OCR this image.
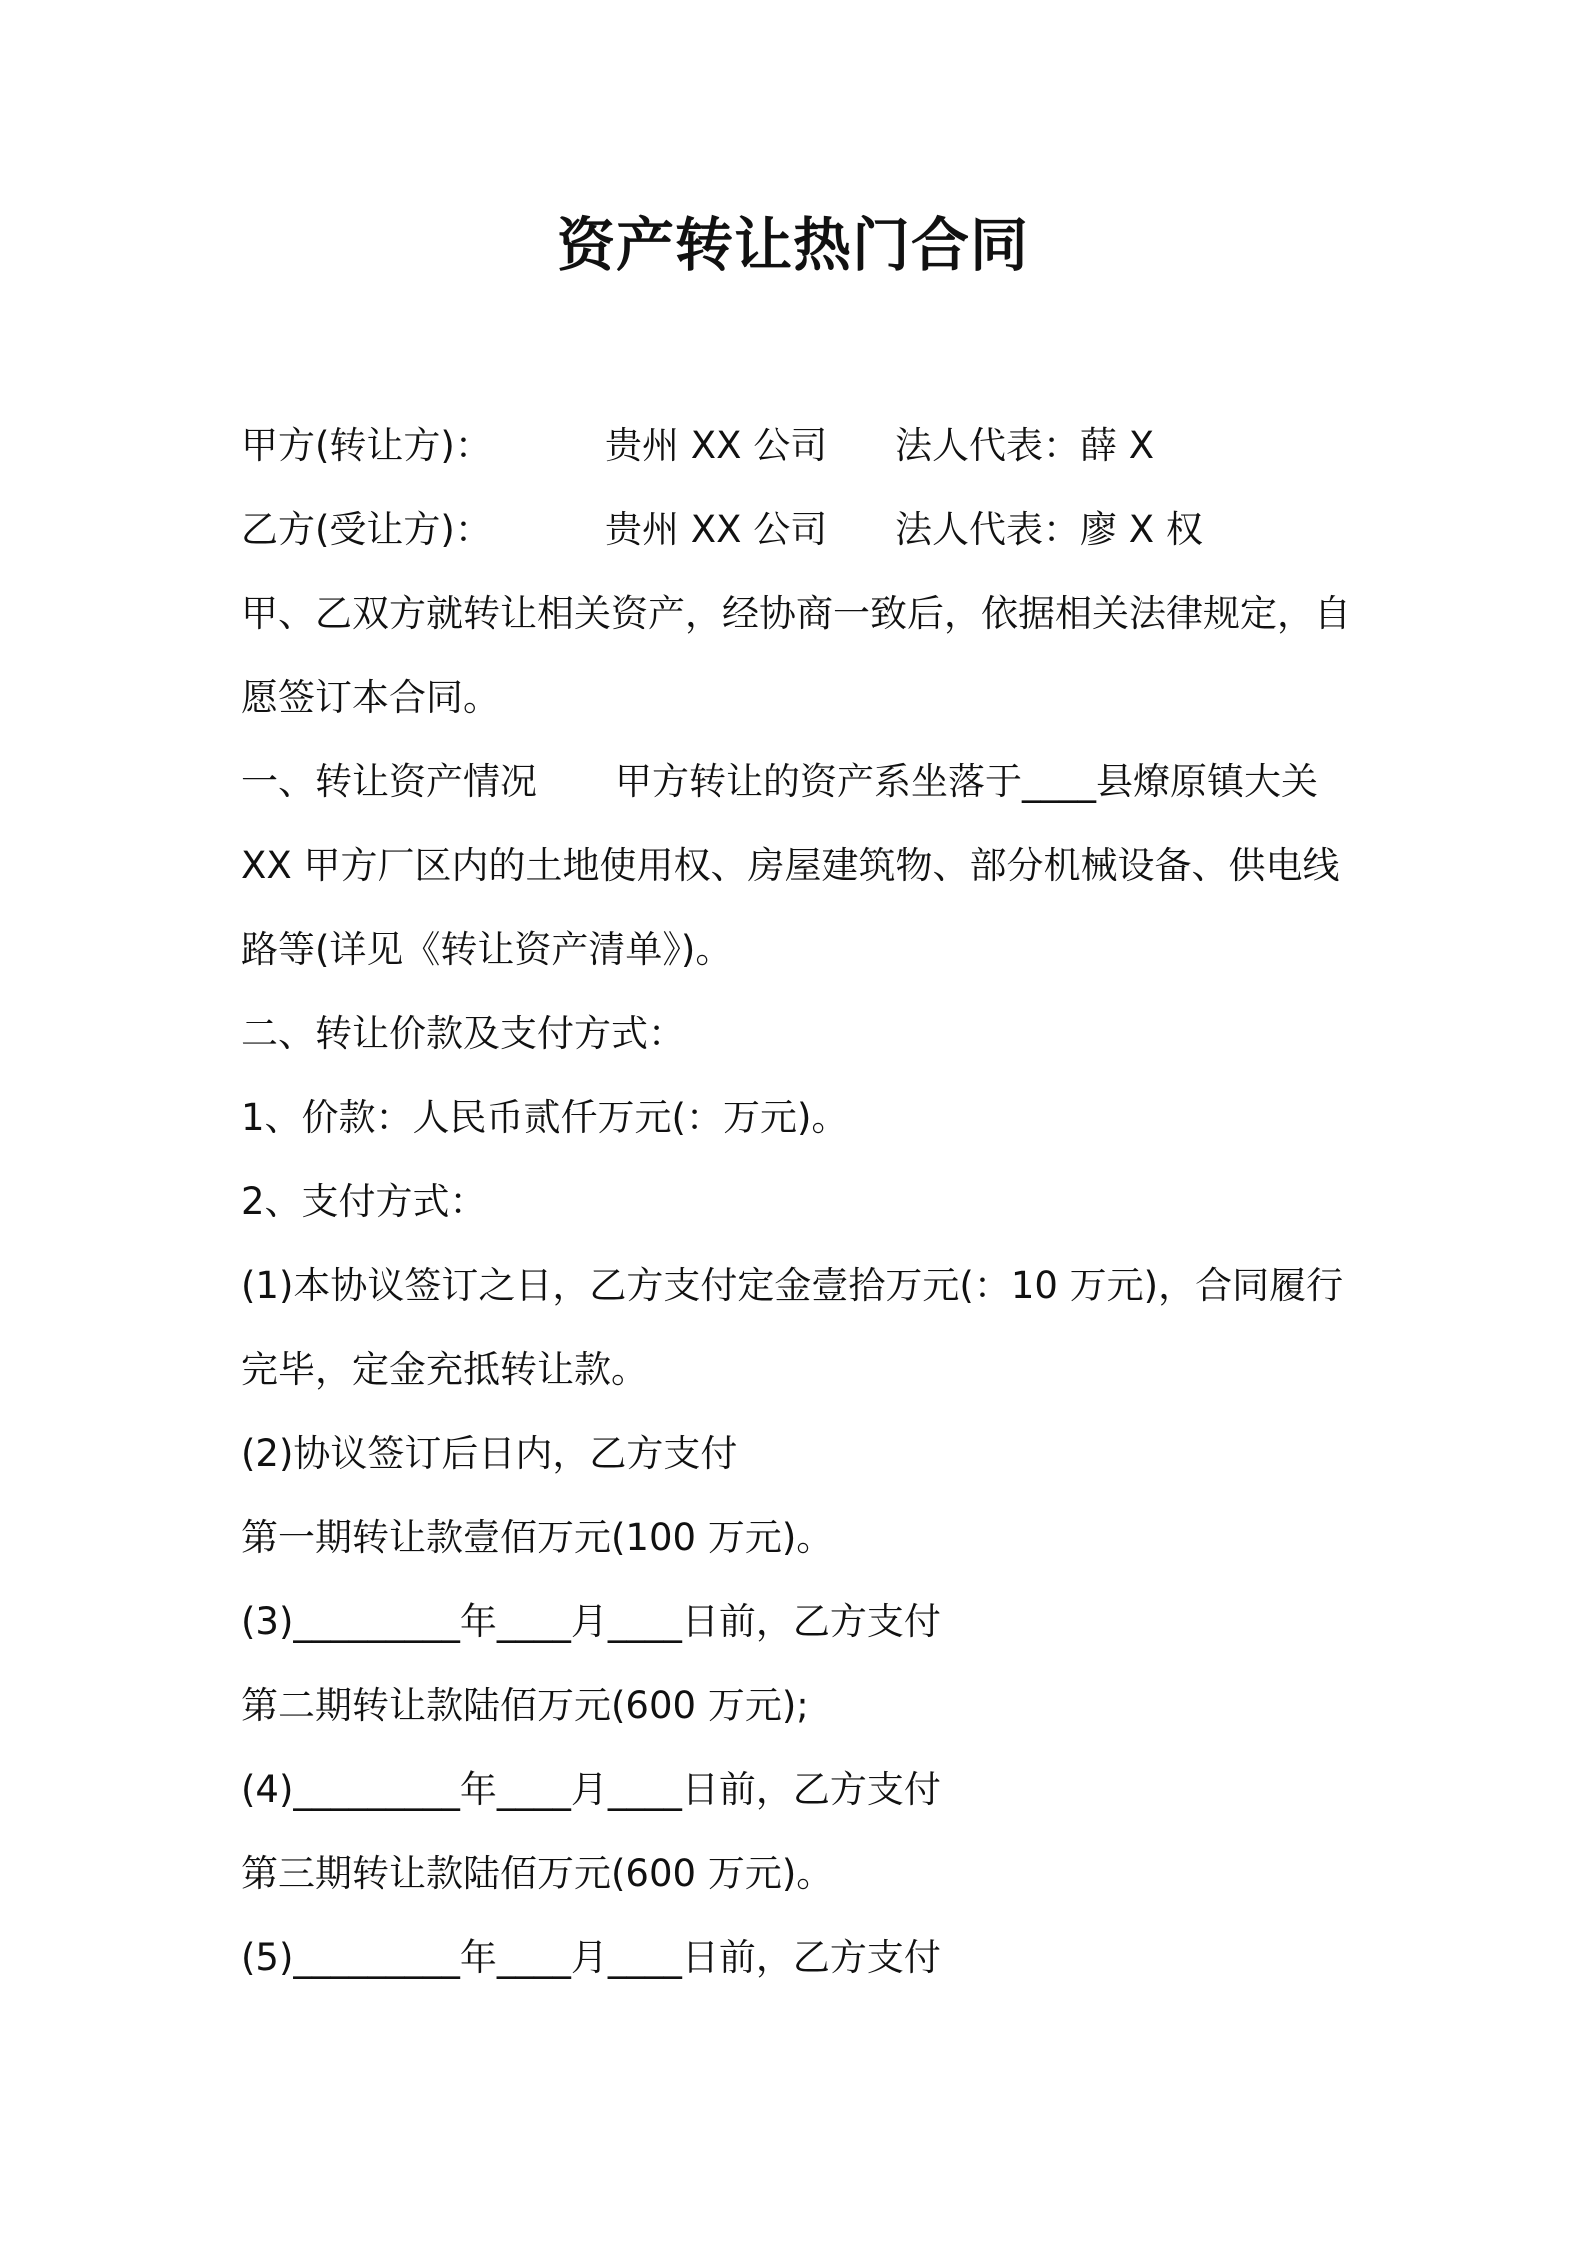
资产转让热门合同
甲方(转让方)：	贵州 XX 公司 法人代表：薛 X
乙方(受让方)：	贵州 XX 公司 法人代表：廖 X 权
甲、乙双方就转让相关资产，经协商一致后，依据相关法律规定，自
愿签订本合同。
一、转让资产情况 甲方转让的资产系坐落于____县燎原镇大关
XX 甲方厂区内的土地使用权、房屋建筑物、部分机械设备、供电线
路等(详见《转让资产清单》)。
二、转让价款及支付方式：
1、价款：人民币贰仟万元(：万元)。
2、支付方式：
(1)本协议签订之日，乙方支付定金壹拾万元(：10 万元)，合同履行
完毕，定金充抵转让款。
(2)协议签订后日内，乙方支付
第一期转让款壹佰万元(100 万元)。
(3)_________年____月____日前，乙方支付
第二期转让款陆佰万元(600 万元);
(4)_________年____月____日前，乙方支付
第三期转让款陆佰万元(600 万元)。
(5)_________年____月____日前，乙方支付
